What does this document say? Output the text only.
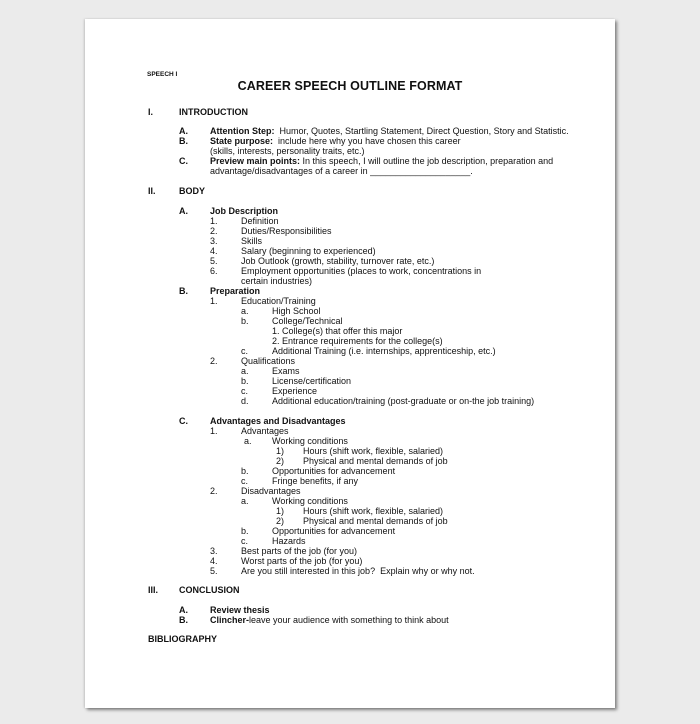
SPEECH I
CAREER SPEECH OUTLINE FORMAT
I.	INTRODUCTION
A. Attention Step:  Humor, Quotes, Startling Statement, Direct Question, Story and Statistic.
B. State purpose:  include here why you have chosen this career
(skills, interests, personality traits, etc.)
C. Preview main points: In this speech, I will outline the job description, preparation and
advantage/disadvantages of a career in ____________________.
II.	BODY
A. Job Description
1.	Definition
2.	Duties/Responsibilities
3.	Skills
4.	Salary (beginning to experienced)
5.	Job Outlook (growth, stability, turnover rate, etc.)
6.	Employment opportunities (places to work, concentrations in
certain industries)
B. Preparation
1.	Education/Training
a.	High School
b.	College/Technical
1. College(s) that offer this major
2. Entrance requirements for the college(s)
c.	Additional Training (i.e. internships, apprenticeship, etc.)
2.	Qualifications
a.	Exams
b.	License/certification
c.	Experience
d.	Additional education/training (post-graduate or on-the job training)
C. Advantages and Disadvantages
1.	Advantages
a. Working conditions
1) Hours (shift work, flexible, salaried)
2) Physical and mental demands of job
b.	Opportunities for advancement
c.	Fringe benefits, if any
2.	Disadvantages
a.	Working conditions
1) Hours (shift work, flexible, salaried)
2) Physical and mental demands of job
b.	Opportunities for advancement
c.	Hazards
3.	Best parts of the job (for you)
4.	Worst parts of the job (for you)
5.	Are you still interested in this job?  Explain why or why not.
III. CONCLUSION
A. Review thesis
B. Clincher-leave your audience with something to think about
BIBLIOGRAPHY
